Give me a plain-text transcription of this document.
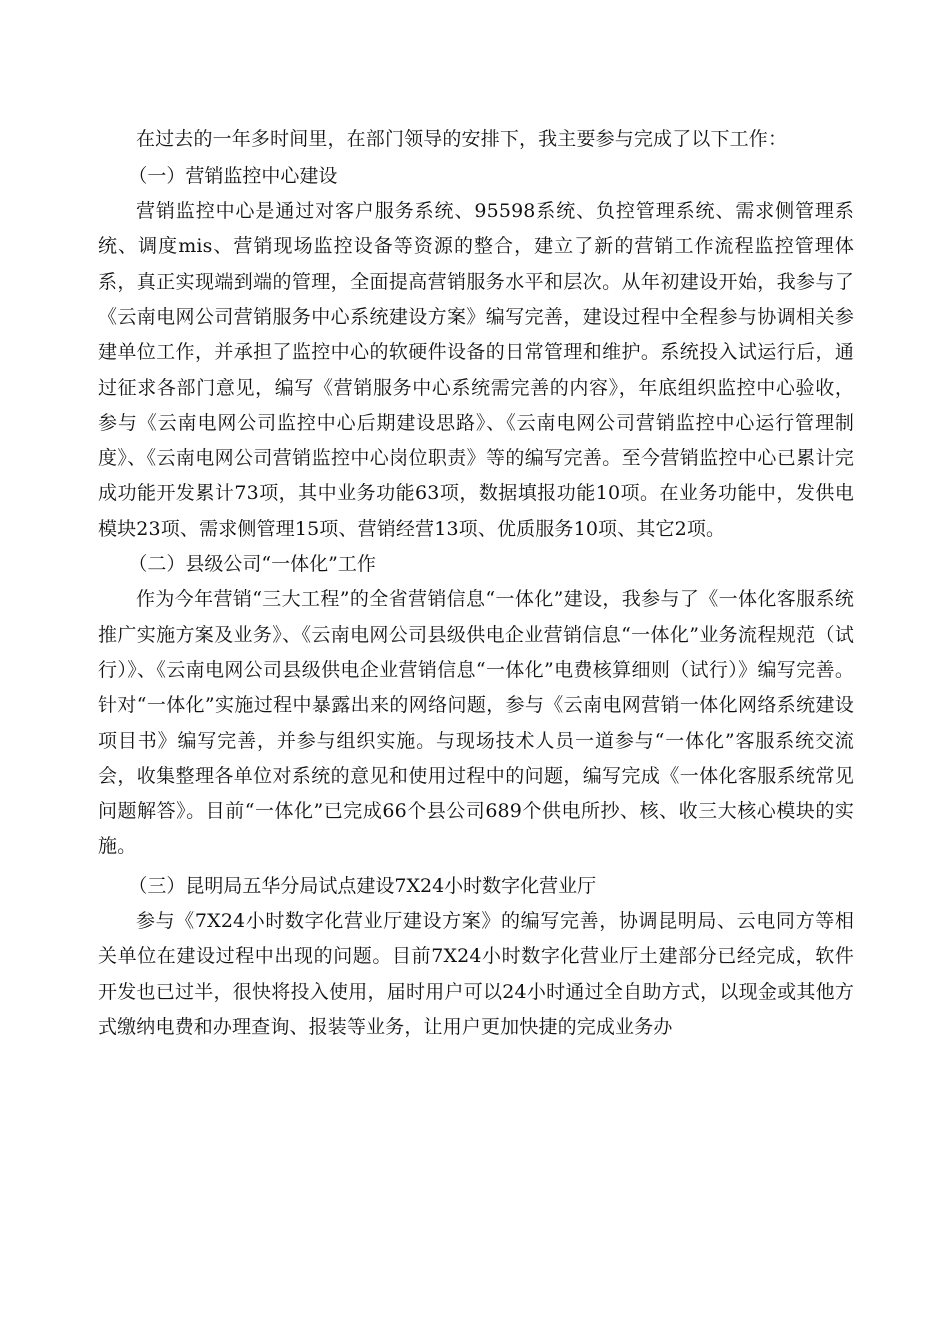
在过去的一年多时间里，在部门领导的安排下，我主要参与完成了以下工作：

（一）营销监控中心建设

营销监控中心是通过对客户服务系统、95598系统、负控管理系统、需求侧管理系统、调度mis、营销现场监控设备等资源的整合，建立了新的营销工作流程监控管理体系，真正实现端到端的管理，全面提高营销服务水平和层次。从年初建设开始，我参与了《云南电网公司营销服务中心系统建设方案》编写完善，建设过程中全程参与协调相关参建单位工作，并承担了监控中心的软硬件设备的日常管理和维护。系统投入试运行后，通过征求各部门意见，编写《营销服务中心系统需完善的内容》，年底组织监控中心验收，参与《云南电网公司监控中心后期建设思路》、《云南电网公司营销监控中心运行管理制度》、《云南电网公司营销监控中心岗位职责》等的编写完善。至今营销监控中心已累计完成功能开发累计73项，其中业务功能63项，数据填报功能10项。在业务功能中，发供电模块23项、需求侧管理15项、营销经营13项、优质服务10项、其它2项。

（二）县级公司“一体化”工作

作为今年营销“三大工程”的全省营销信息“一体化”建设，我参与了《一体化客服系统推广实施方案及业务》、《云南电网公司县级供电企业营销信息“一体化”业务流程规范（试行）》、《云南电网公司县级供电企业营销信息“一体化”电费核算细则（试行）》编写完善。针对“一体化”实施过程中暴露出来的网络问题，参与《云南电网营销一体化网络系统建设项目书》编写完善，并参与组织实施。与现场技术人员一道参与“一体化”客服系统交流会，收集整理各单位对系统的意见和使用过程中的问题，编写完成《一体化客服系统常见问题解答》。目前“一体化”已完成66个县公司689个供电所抄、核、收三大核心模块的实施。

（三）昆明局五华分局试点建设7X24小时数字化营业厅

参与《7X24小时数字化营业厅建设方案》的编写完善，协调昆明局、云电同方等相关单位在建设过程中出现的问题。目前7X24小时数字化营业厅土建部分已经完成，软件开发也已过半，很快将投入使用，届时用户可以24小时通过全自助方式，以现金或其他方式缴纳电费和办理查询、报装等业务，让用户更加快捷的完成业务办
